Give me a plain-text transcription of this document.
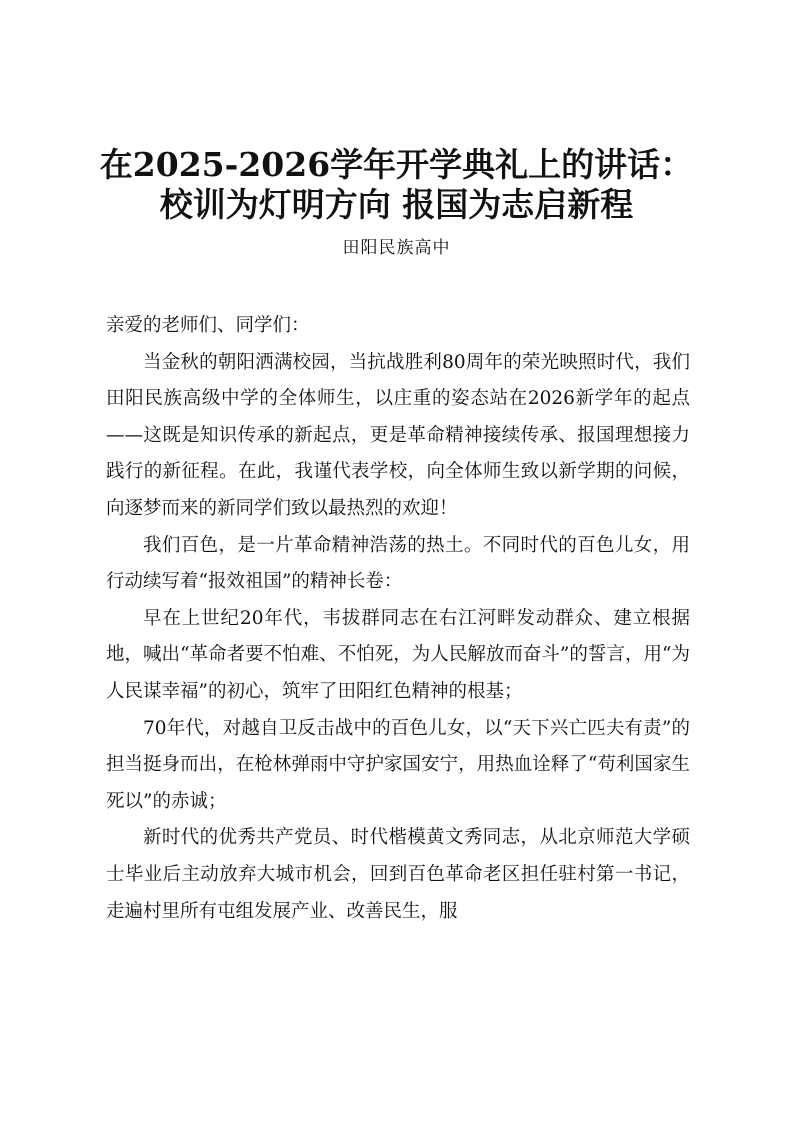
在2025-2026学年开学典礼上的讲话：
校训为灯明方向 报国为志启新程
田阳民族高中

亲爱的老师们、同学们：

当金秋的朝阳洒满校园，当抗战胜利80周年的荣光映照时代，我们田阳民族高级中学的全体师生，以庄重的姿态站在2026新学年的起点——这既是知识传承的新起点，更是革命精神接续传承、报国理想接力践行的新征程。在此，我谨代表学校，向全体师生致以新学期的问候，向逐梦而来的新同学们致以最热烈的欢迎！

我们百色，是一片革命精神浩荡的热土。不同时代的百色儿女，用行动续写着“报效祖国”的精神长卷：

早在上世纪20年代，韦拔群同志在右江河畔发动群众、建立根据地，喊出“革命者要不怕难、不怕死，为人民解放而奋斗”的誓言，用“为人民谋幸福”的初心，筑牢了田阳红色精神的根基；

70年代，对越自卫反击战中的百色儿女，以“天下兴亡匹夫有责”的担当挺身而出，在枪林弹雨中守护家国安宁，用热血诠释了“苟利国家生死以”的赤诚；

新时代的优秀共产党员、时代楷模黄文秀同志，从北京师范大学硕士毕业后主动放弃大城市机会，回到百色革命老区担任驻村第一书记，走遍村里所有屯组发展产业、改善民生，服
